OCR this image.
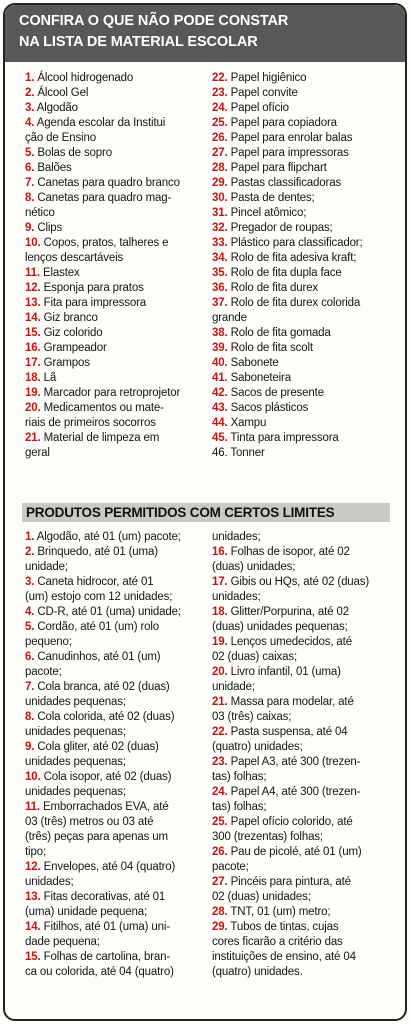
CONFIRA O QUE NÃO PODE CONSTAR
NA LISTA DE MATERIAL ESCOLAR
1. Álcool hidrogenado
2. Álcool Gel
3. Algodão
4. Agenda escolar da Institui
ção de Ensino
5. Bolas de sopro
6. Balões
7. Canetas para quadro branco
8. Canetas para quadro mag-
nético
9. Clips
10. Copos, pratos, talheres e
lenços descartáveis
11. Elastex
12. Esponja para pratos
13. Fita para impressora
14. Giz branco
15. Giz colorido
16. Grampeador
17. Grampos
18. Lã
19. Marcador para retroprojetor
20. Medicamentos ou mate-
riais de primeiros socorros
21. Material de limpeza em
geral
22. Papel higiênico
23. Papel convite
24. Papel ofício
25. Papel para copiadora
26. Papel para enrolar balas
27. Papel para impressoras
28. Papel para flipchart
29. Pastas classificadoras
30. Pasta de dentes;
31. Pincel atômico;
32. Pregador de roupas;
33. Plástico para classificador;
34. Rolo de fita adesiva kraft;
35. Rolo de fita dupla face
36. Rolo de fita durex
37. Rolo de fita durex colorida
grande
38. Rolo de fita gomada
39. Rolo de fita scolt
40. Sabonete
41. Saboneteira
42. Sacos de presente
43. Sacos plásticos
44. Xampu
45. Tinta para impressora
46. Tonner
PRODUTOS PERMITIDOS COM CERTOS LIMITES
1. Algodão, até 01 (um) pacote;
2. Brinquedo, até 01 (uma)
unidade;
3. Caneta hidrocor, até 01
(um) estojo com 12 unidades;
4. CD-R, até 01 (uma) unidade;
5. Cordão, até 01 (um) rolo
pequeno;
6. Canudinhos, até 01 (um)
pacote;
7. Cola branca, até 02 (duas)
unidades pequenas;
8. Cola colorida, até 02 (duas)
unidades pequenas;
9. Cola gliter, até 02 (duas)
unidades pequenas;
10. Cola isopor, até 02 (duas)
unidades pequenas;
11. Emborrachados EVA, até
03 (três) metros ou 03 até
(três) peças para apenas um
tipo;
12. Envelopes, até 04 (quatro)
unidades;
13. Fitas decorativas, até 01
(uma) unidade pequena;
14. Fitilhos, até 01 (uma) uni-
dade pequena;
15. Folhas de cartolina, bran-
ca ou colorida, até 04 (quatro)
unidades;
16. Folhas de isopor, até 02
(duas) unidades;
17. Gibis ou HQs, até 02 (duas)
unidades;
18. Glitter/Porpurina, até 02
(duas) unidades pequenas;
19. Lenços umedecidos, até
02 (duas) caixas;
20. Livro infantil, 01 (uma)
unidade;
21. Massa para modelar, até
03 (três) caixas;
22. Pasta suspensa, até 04
(quatro) unidades;
23. Papel A3, até 300 (trezen-
tas) folhas;
24. Papel A4, até 300 (trezen-
tas) folhas;
25. Papel ofício colorido, até
300 (trezentas) folhas;
26. Pau de picolé, até 01 (um)
pacote;
27. Pincéis para pintura, até
02 (duas) unidades;
28. TNT, 01 (um) metro;
29. Tubos de tintas, cujas
cores ficarão a critério das
instituições de ensino, até 04
(quatro) unidades.
